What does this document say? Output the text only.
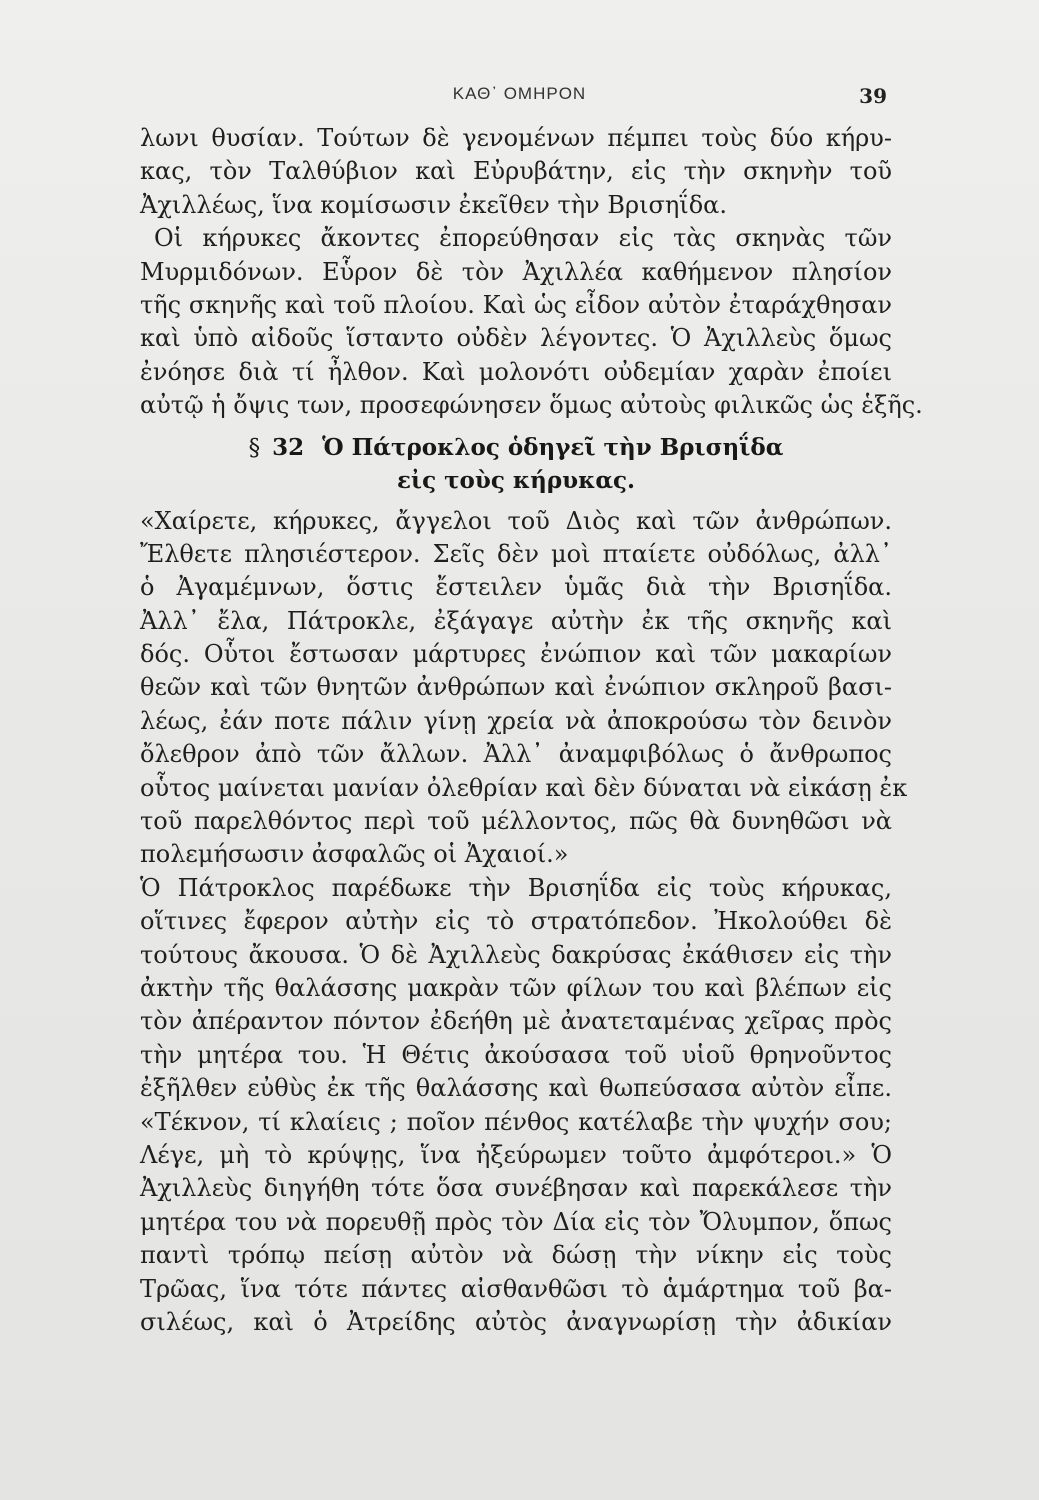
ΚΑΘ᾽ ΟΜΗΡΟΝ	39
λωνι θυσίαν. Τούτων δὲ γενομένων πέμπει τοὺς δύο κήρυ-
κας, τὸν Ταλθύβιον καὶ Εὐρυβάτην, εἰς τὴν σκηνὴν τοῦ
Ἀχιλλέως, ἵνα κομίσωσιν ἐκεῖθεν τὴν Βρισηΐδα.
Οἱ κήρυκες ἄκοντες ἐπορεύθησαν εἰς τὰς σκηνὰς τῶν
Μυρμιδόνων. Εὗρον δὲ τὸν Ἀχιλλέα καθήμενον πλησίον
τῆς σκηνῆς καὶ τοῦ πλοίου. Καὶ ὡς εἶδον αὐτὸν ἐταράχθησαν
καὶ ὑπὸ αἰδοῦς ἵσταντο οὐδὲν λέγοντες. Ὁ Ἀχιλλεὺς ὅμως
ἐνόησε διὰ τί ἦλθον. Καὶ μολονότι οὐδεμίαν χαρὰν ἐποίει
αὐτῷ ἡ ὄψις των, προσεφώνησεν ὅμως αὐτοὺς φιλικῶς ὡς ἑξῆς.
§ 32 Ὁ Πάτροκλος ὁδηγεῖ τὴν Βρισηΐδα
εἰς τοὺς κήρυκας.
«Χαίρετε, κήρυκες, ἄγγελοι τοῦ Διὸς καὶ τῶν ἀνθρώπων.
Ἔλθετε πλησιέστερον. Σεῖς δὲν μοὶ πταίετε οὐδόλως, ἀλλ᾽
ὁ Ἀγαμέμνων, ὅστις ἔστειλεν ὑμᾶς διὰ τὴν Βρισηΐδα.
Ἀλλ᾽ ἔλα, Πάτροκλε, ἐξάγαγε αὐτὴν ἐκ τῆς σκηνῆς καὶ
δός. Οὗτοι ἔστωσαν μάρτυρες ἐνώπιον καὶ τῶν μακαρίων
θεῶν καὶ τῶν θνητῶν ἀνθρώπων καὶ ἐνώπιον σκληροῦ βασι-
λέως, ἐάν ποτε πάλιν γίνῃ χρεία νὰ ἀποκρούσω τὸν δεινὸν
ὄλεθρον ἀπὸ τῶν ἄλλων. Ἀλλ᾽ ἀναμφιβόλως ὁ ἄνθρωπος
οὗτος μαίνεται μανίαν ὀλεθρίαν καὶ δὲν δύναται νὰ εἰκάσῃ ἐκ
τοῦ παρελθόντος περὶ τοῦ μέλλοντος, πῶς θὰ δυνηθῶσι νὰ
πολεμήσωσιν ἀσφαλῶς οἱ Ἀχαιοί.»
Ὁ Πάτροκλος παρέδωκε τὴν Βρισηΐδα εἰς τοὺς κήρυκας,
οἵτινες ἔφερον αὐτὴν εἰς τὸ στρατόπεδον. Ἠκολούθει δὲ
τούτους ἄκουσα. Ὁ δὲ Ἀχιλλεὺς δακρύσας ἐκάθισεν εἰς τὴν
ἀκτὴν τῆς θαλάσσης μακρὰν τῶν φίλων του καὶ βλέπων εἰς
τὸν ἀπέραντον πόντον ἐδεήθη μὲ ἀνατεταμένας χεῖρας πρὸς
τὴν μητέρα του. Ἡ Θέτις ἀκούσασα τοῦ υἱοῦ θρηνοῦντος
ἐξῆλθεν εὐθὺς ἐκ τῆς θαλάσσης καὶ θωπεύσασα αὐτὸν εἶπε.
«Τέκνον, τί κλαίεις ; ποῖον πένθος κατέλαβε τὴν ψυχήν σου;
Λέγε, μὴ τὸ κρύψῃς, ἵνα ἠξεύρωμεν τοῦτο ἀμφότεροι.» Ὁ
Ἀχιλλεὺς διηγήθη τότε ὅσα συνέβησαν καὶ παρεκάλεσε τὴν
μητέρα του νὰ πορευθῇ πρὸς τὸν Δία εἰς τὸν Ὄλυμπον, ὅπως
παντὶ τρόπῳ πείσῃ αὐτὸν νὰ δώσῃ τὴν νίκην εἰς τοὺς
Τρῶας, ἵνα τότε πάντες αἰσθανθῶσι τὸ ἁμάρτημα τοῦ βα-
σιλέως, καὶ ὁ Ἀτρείδης αὐτὸς ἀναγνωρίσῃ τὴν ἀδικίαν
